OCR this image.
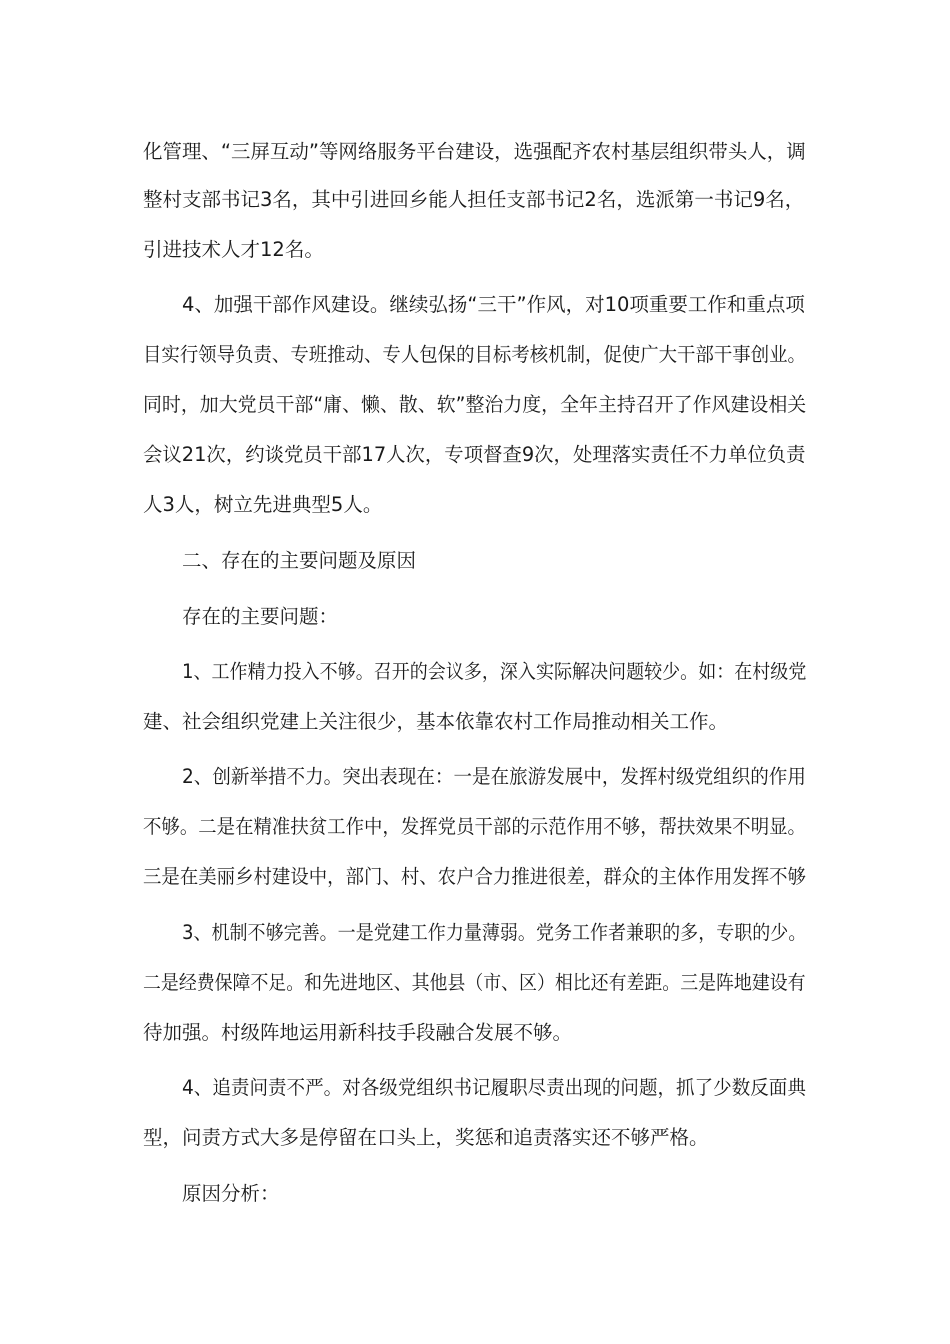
化管理、“三屏互动”等网络服务平台建设，选强配齐农村基层组织带头人，调
整村支部书记3名，其中引进回乡能人担任支部书记2名，选派第一书记9名，
引进技术人才12名。
4、加强干部作风建设。继续弘扬“三干”作风，对10项重要工作和重点项
目实行领导负责、专班推动、专人包保的目标考核机制，促使广大干部干事创业。
同时，加大党员干部“庸、懒、散、软”整治力度，全年主持召开了作风建设相关
会议21次，约谈党员干部17人次，专项督查9次，处理落实责任不力单位负责
人3人，树立先进典型5人。
二、存在的主要问题及原因
存在的主要问题：
1、工作精力投入不够。召开的会议多，深入实际解决问题较少。如：在村级党
建、社会组织党建上关注很少，基本依靠农村工作局推动相关工作。
2、创新举措不力。突出表现在：一是在旅游发展中，发挥村级党组织的作用
不够。二是在精准扶贫工作中，发挥党员干部的示范作用不够，帮扶效果不明显。
三是在美丽乡村建设中，部门、村、农户合力推进很差，群众的主体作用发挥不够
3、机制不够完善。一是党建工作力量薄弱。党务工作者兼职的多，专职的少。
二是经费保障不足。和先进地区、其他县（市、区）相比还有差距。三是阵地建设有
待加强。村级阵地运用新科技手段融合发展不够。
4、追责问责不严。对各级党组织书记履职尽责出现的问题，抓了少数反面典
型，问责方式大多是停留在口头上，奖惩和追责落实还不够严格。
原因分析：
